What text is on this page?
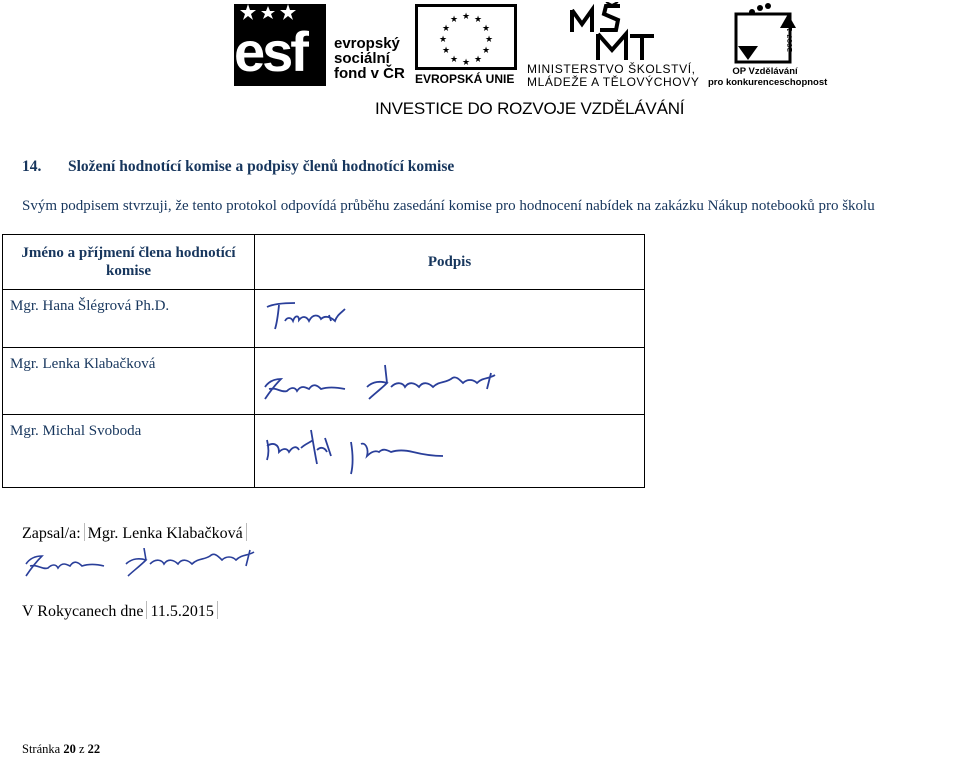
esf evropský
sociální
fond v ČR
★ ★
★
★
★
★
★
★
★
★
★
★
EVROPSKÁ UNIE
MINISTERSTVO ŠKOLSTVÍ,
MLÁDEŽE A TĚLOVÝCHOVY
2007-13
OP Vzdělávání
pro konkurenceschopnost
INVESTICE DO ROZVOJE VZDĚLÁVÁNÍ
14. Složení hodnotící komise a podpisy členů hodnotící komise
Svým podpisem stvrzuji, že tento protokol odpovídá průběhu zasedání komise pro hodnocení nabídek na zakázku Nákup notebooků pro školu
Jméno a příjmení člena hodnotící komise	Podpis
Mgr. Hana Šlégrová Ph.D.	

Mgr. Lenka Klabačková	

Mgr. Michal Svoboda	
Zapsal/a: Mgr. Lenka Klabačková
V Rokycanech dne 11.5.2015
Stránka 20 z 22
